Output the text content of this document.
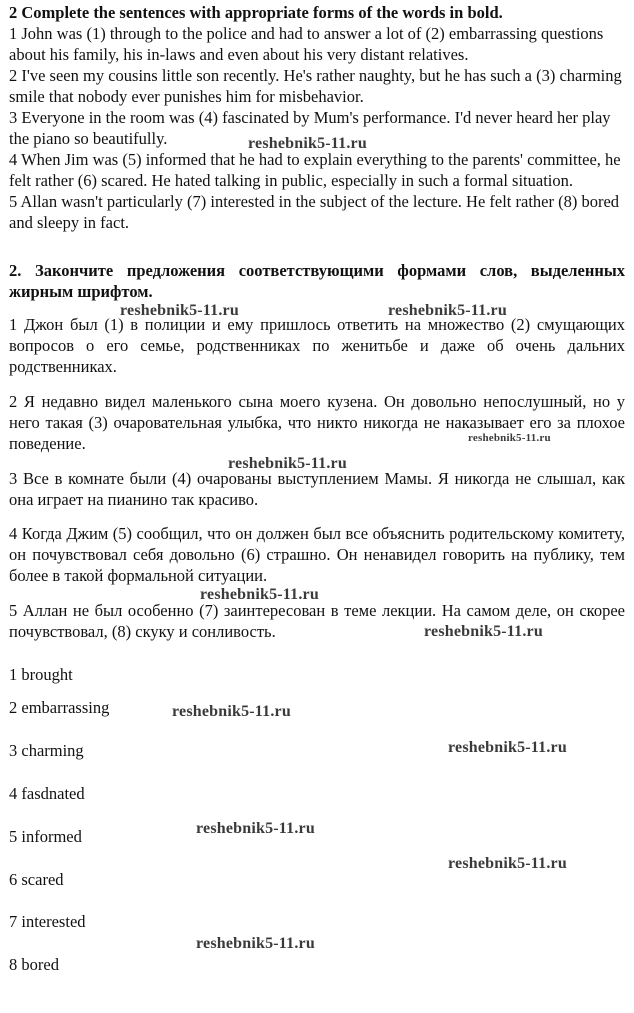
2 Complete the sentences with appropriate forms of the words in bold.

1 John was (1) through to the police and had to answer a lot of (2) embarrassing questions about his family, his in-laws and even about his very distant relatives.

2 I've seen my cousins little son recently. He's rather naughty, but he has such a (3) charming smile that nobody ever punishes him for misbehavior.

3 Everyone in the room was (4) fascinated by Mum's performance. I'd never heard her play the piano so beautifully.

4 When Jim was (5) informed that he had to explain everything to the parents' committee, he felt rather (6) scared. He hated talking in public, especially in such a formal situation.

5 Allan wasn't particularly (7) interested in the subject of the lecture. He felt rather (8) bored and sleepy in fact.

2. Закончите предложения соответствующими формами слов, выделенных жирным шрифтом.

1 Джон был (1) в полиции и ему пришлось ответить на множество (2) смущающих вопросов о его семье, родственниках по женитьбе и даже об очень дальних родственниках.

2 Я недавно видел маленького сына моего кузена. Он довольно непослушный, но у него такая (3) очаровательная улыбка, что никто никогда не наказывает его за плохое поведение.

3 Все в комнате были (4) очарованы выступлением Мамы. Я никогда не слышал, как она играет на пианино так красиво.

4 Когда Джим (5) сообщил, что он должен был все объяснить родительскому комитету, он почувствовал себя довольно (6) страшно. Он ненавидел говорить на публику, тем более в такой формальной ситуации.

5 Аллан не был особенно (7) заинтересован в теме лекции. На самом деле, он скорее почувствовал, (8) скуку и сонливость.

1 brought
2 embarrassing
3 charming
4 fasdnated
5 informed
6 scared
7 interested
8 bored
reshebnik5-11.ru
reshebnik5-11.ru	reshebnik5-11.ru
reshebnik5-11.ru
reshebnik5-11.ru
reshebnik5-11.ru
reshebnik5-11.ru
reshebnik5-11.ru
reshebnik5-11.ru
reshebnik5-11.ru
reshebnik5-11.ru
reshebnik5-11.ru
